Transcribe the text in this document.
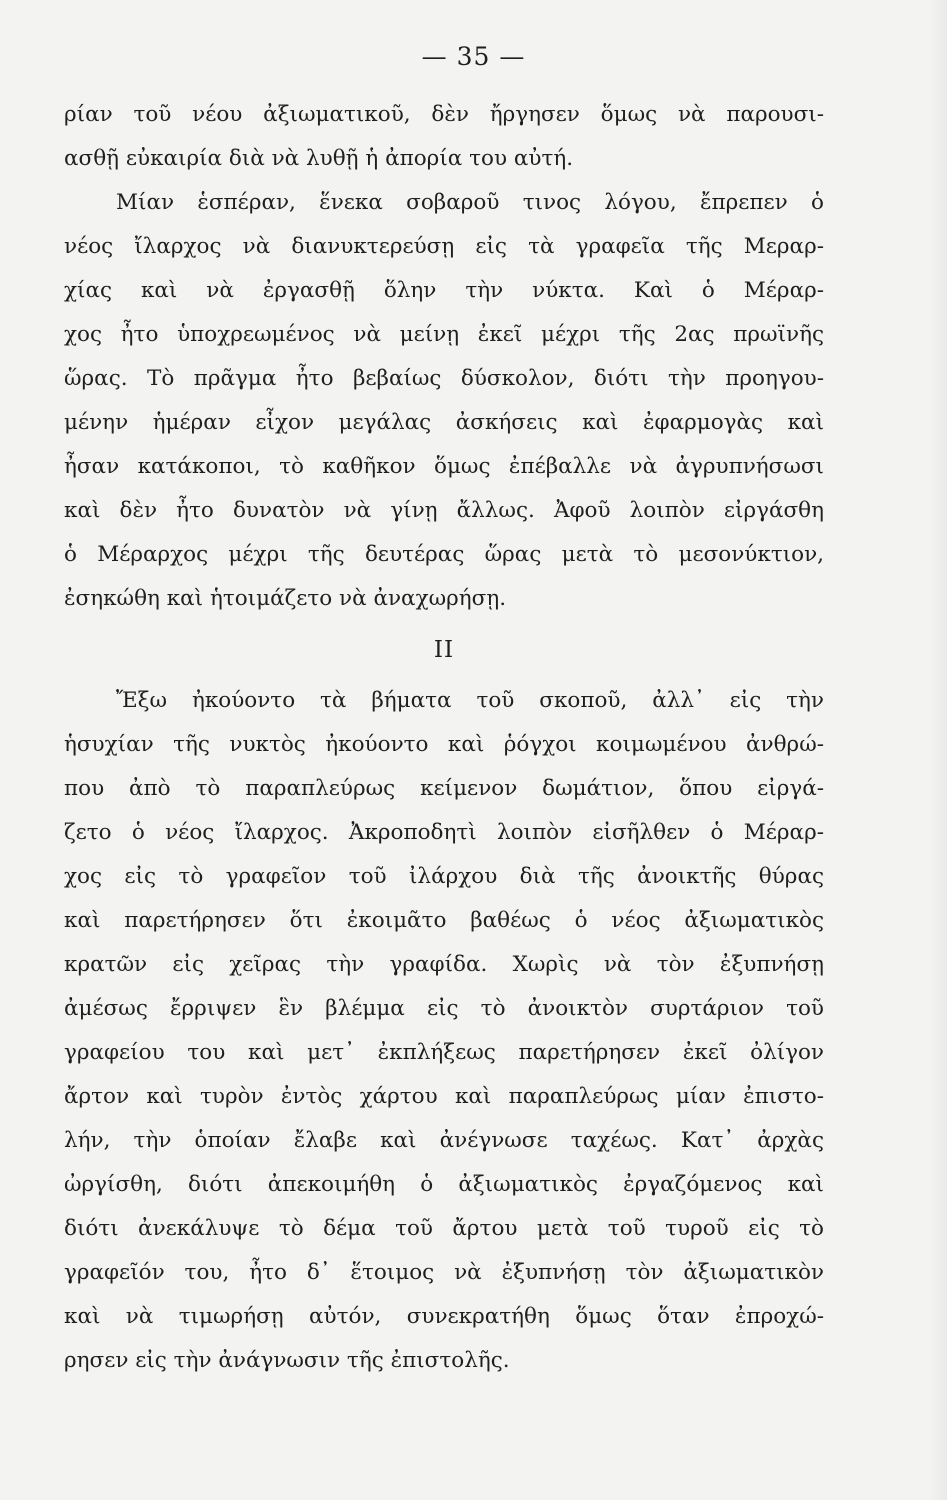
— 35 —
ρίαν τοῦ νέου ἀξιωματικοῦ, δὲν ἤργησεν ὅμως νὰ παρουσι-
ασθῇ εὐκαιρία διὰ νὰ λυθῇ ἡ ἀπορία του αὐτή.
Μίαν ἑσπέραν, ἕνεκα σοβαροῦ τινος λόγου, ἔπρεπεν ὁ
νέος ἴλαρχος νὰ διανυκτερεύσῃ εἰς τὰ γραφεῖα τῆς Μεραρ-
χίας καὶ νὰ ἐργασθῇ ὅλην τὴν νύκτα. Καὶ ὁ Μέραρ-
χος ἦτο ὑποχρεωμένος νὰ μείνῃ ἐκεῖ μέχρι τῆς 2ας πρωϊνῆς
ὥρας. Τὸ πρᾶγμα ἦτο βεβαίως δύσκολον, διότι τὴν προηγου-
μένην ἡμέραν εἶχον μεγάλας ἀσκήσεις καὶ ἐφαρμογὰς καὶ
ἦσαν κατάκοποι, τὸ καθῆκον ὅμως ἐπέβαλλε νὰ ἀγρυπνήσωσι
καὶ δὲν ἦτο δυνατὸν νὰ γίνῃ ἄλλως. Ἀφοῦ λοιπὸν εἰργάσθη
ὁ Μέραρχος μέχρι τῆς δευτέρας ὥρας μετὰ τὸ μεσονύκτιον,
ἐσηκώθη καὶ ἡτοιμάζετο νὰ ἀναχωρήσῃ.
ΙΙ
Ἔξω ἠκούοντο τὰ βήματα τοῦ σκοποῦ, ἀλλ᾿ εἰς τὴν
ἡσυχίαν τῆς νυκτὸς ἠκούοντο καὶ ῥόγχοι κοιμωμένου ἀνθρώ-
που ἀπὸ τὸ παραπλεύρως κείμενον δωμάτιον, ὅπου εἰργά-
ζετο ὁ νέος ἴλαρχος. Ἀκροποδητὶ λοιπὸν εἰσῆλθεν ὁ Μέραρ-
χος εἰς τὸ γραφεῖον τοῦ ἰλάρχου διὰ τῆς ἀνοικτῆς θύρας
καὶ παρετήρησεν ὅτι ἐκοιμᾶτο βαθέως ὁ νέος ἀξιωματικὸς
κρατῶν εἰς χεῖρας τὴν γραφίδα. Χωρὶς νὰ τὸν ἐξυπνήσῃ
ἀμέσως ἔρριψεν ἓν βλέμμα εἰς τὸ ἀνοικτὸν συρτάριον τοῦ
γραφείου του καὶ μετ᾿ ἐκπλήξεως παρετήρησεν ἐκεῖ ὀλίγον
ἄρτον καὶ τυρὸν ἐντὸς χάρτου καὶ παραπλεύρως μίαν ἐπιστο-
λήν, τὴν ὁποίαν ἔλαβε καὶ ἀνέγνωσε ταχέως. Κατ᾿ ἀρχὰς
ὠργίσθη, διότι ἀπεκοιμήθη ὁ ἀξιωματικὸς ἐργαζόμενος καὶ
διότι ἀνεκάλυψε τὸ δέμα τοῦ ἄρτου μετὰ τοῦ τυροῦ εἰς τὸ
γραφεῖόν του, ἦτο δ᾿ ἕτοιμος νὰ ἐξυπνήσῃ τὸν ἀξιωματικὸν
καὶ νὰ τιμωρήσῃ αὐτόν, συνεκρατήθη ὅμως ὅταν ἐπροχώ-
ρησεν εἰς τὴν ἀνάγνωσιν τῆς ἐπιστολῆς.
